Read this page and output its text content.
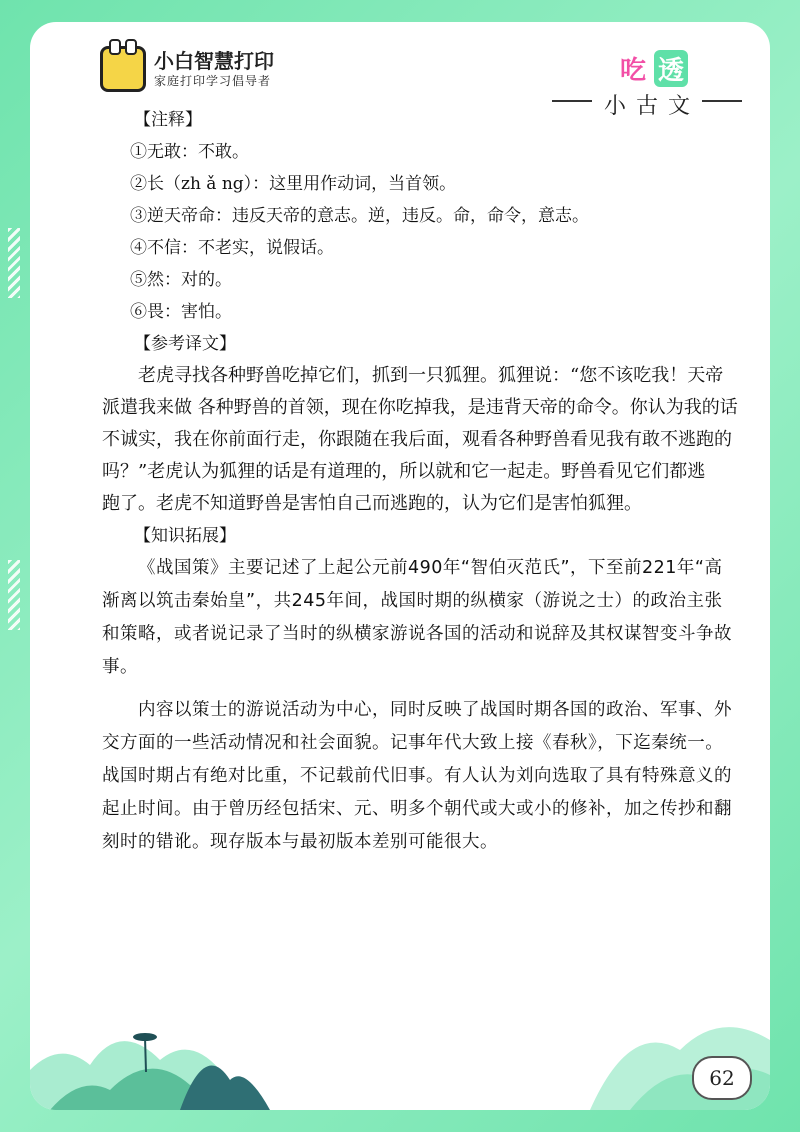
小白智慧打印
家庭打印学习倡导者	吃 透
小古文
【注释】
①无敢：不敢。
②长（zh ǎ ng）：这里用作动词，当首领。
③逆天帝命：违反天帝的意志。逆，违反。命，命令，意志。
④不信：不老实，说假话。
⑤然：对的。
⑥畏：害怕。
【参考译文】
老虎寻找各种野兽吃掉它们，抓到一只狐狸。狐狸说：“您不该吃我！天帝
派遣我来做 各种野兽的首领，现在你吃掉我，是违背天帝的命令。你认为我的话
不诚实，我在你前面行走，你跟随在我后面，观看各种野兽看见我有敢不逃跑的
吗？”老虎认为狐狸的话是有道理的，所以就和它一起走。野兽看见它们都逃
跑了。老虎不知道野兽是害怕自己而逃跑的，认为它们是害怕狐狸。
【知识拓展】
《战国策》主要记述了上起公元前490年“智伯灭范氏”，下至前221年“高
渐离以筑击秦始皇”，共245年间，战国时期的纵横家（游说之士）的政治主张
和策略，或者说记录了当时的纵横家游说各国的活动和说辞及其权谋智变斗争故
事。
内容以策士的游说活动为中心，同时反映了战国时期各国的政治、军事、外
交方面的一些活动情况和社会面貌。记事年代大致上接《春秋》，下迄秦统一。
战国时期占有绝对比重，不记载前代旧事。有人认为刘向选取了具有特殊意义的
起止时间。由于曾历经包括宋、元、明多个朝代或大或小的修补，加之传抄和翻
刻时的错讹。现存版本与最初版本差别可能很大。
62
